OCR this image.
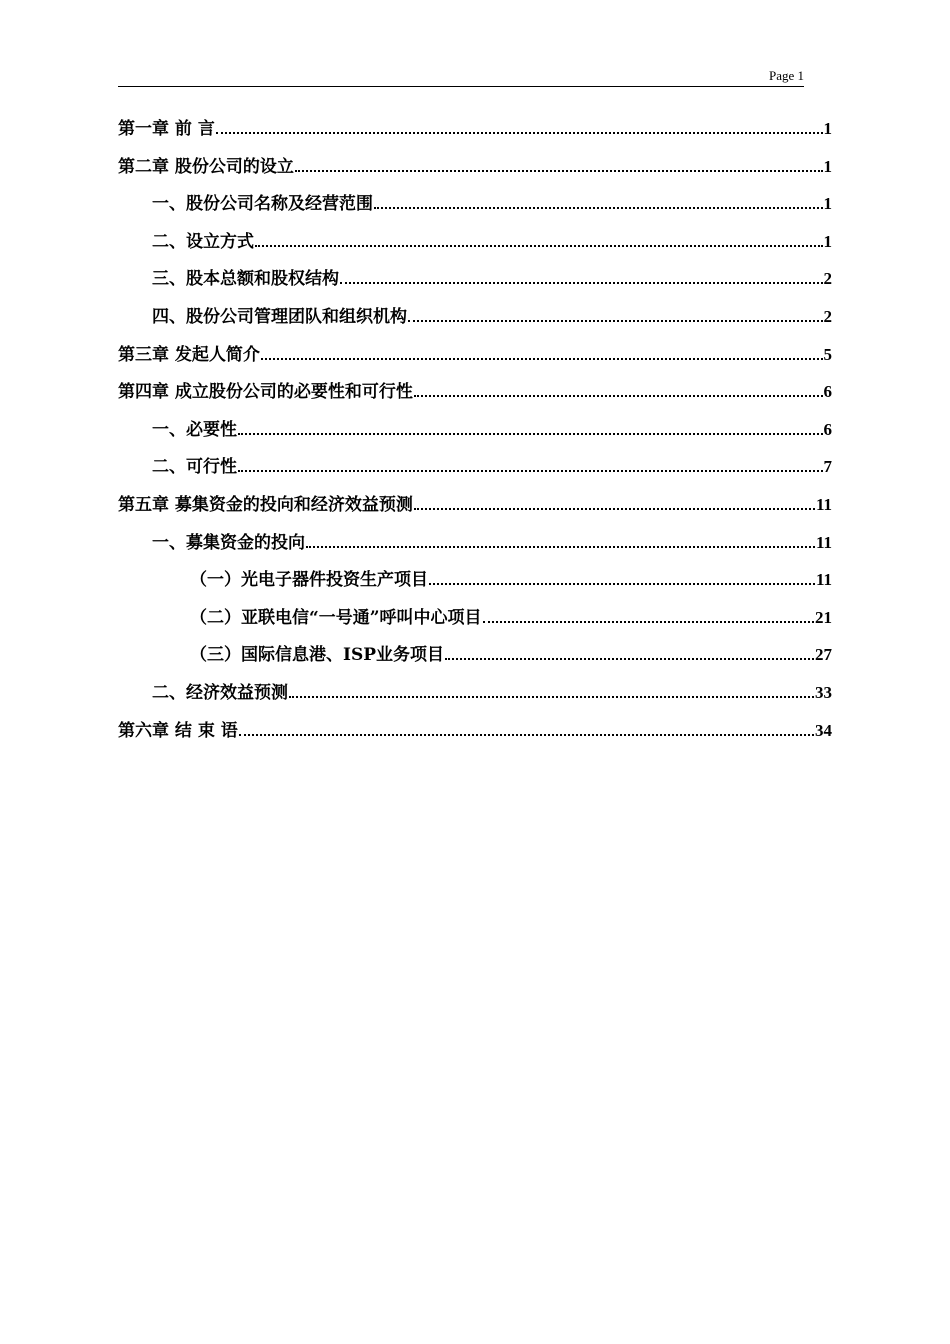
Page 1
第一章 前 言	1
第二章 股份公司的设立	1
一、股份公司名称及经营范围	1
二、设立方式	1
三、股本总额和股权结构	2
四、股份公司管理团队和组织机构	2
第三章 发起人简介	5
第四章 成立股份公司的必要性和可行性	6
一、必要性	6
二、可行性	7
第五章 募集资金的投向和经济效益预测	11
一、募集资金的投向	11
（一）光电子器件投资生产项目	11
（二）亚联电信“一号通”呼叫中心项目	21
（三）国际信息港、ISP业务项目	27
二、经济效益预测	33
第六章 结 束 语	34
